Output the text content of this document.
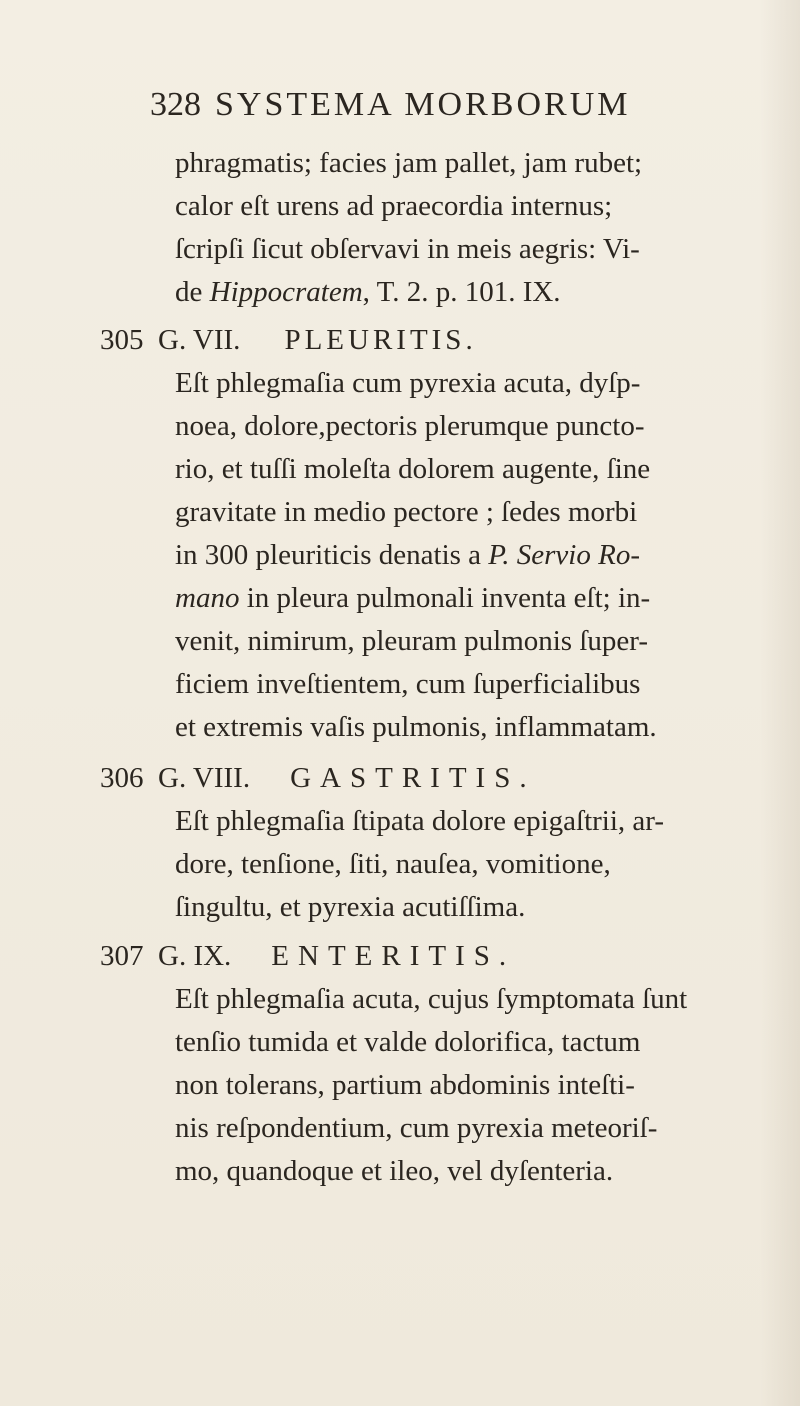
328 SYSTEMA MORBORUM
phragmatis; facies jam pallet, jam rubet;
calor eſt urens ad praecordia internus;
ſcripſi ſicut obſervavi in meis aegris: Vi-
de Hippocratem, T. 2. p. 101. IX.
305 G. VII. PLEURITIS.
Eſt phlegmaſia cum pyrexia acuta, dyſp-
noea, dolore,pectoris plerumque puncto-
rio, et tuſſi moleſta dolorem augente, ſine
gravitate in medio pectore ; ſedes morbi
in 300 pleuriticis denatis a P. Servio Ro-
mano in pleura pulmonali inventa eſt; in-
venit, nimirum, pleuram pulmonis ſuper-
ficiem inveſtientem, cum ſuperficialibus
et extremis vaſis pulmonis, inflammatam.
306 G. VIII. GASTRITIS.
Eſt phlegmaſia ſtipata dolore epigaſtrii, ar-
dore, tenſione, ſiti, nauſea, vomitione,
ſingultu, et pyrexia acutiſſima.
307 G. IX. ENTERITIS.
Eſt phlegmaſia acuta, cujus ſymptomata ſunt
tenſio tumida et valde dolorifica, tactum
non tolerans, partium abdominis inteſti-
nis reſpondentium, cum pyrexia meteoriſ-
mo, quandoque et ileo, vel dyſenteria.
